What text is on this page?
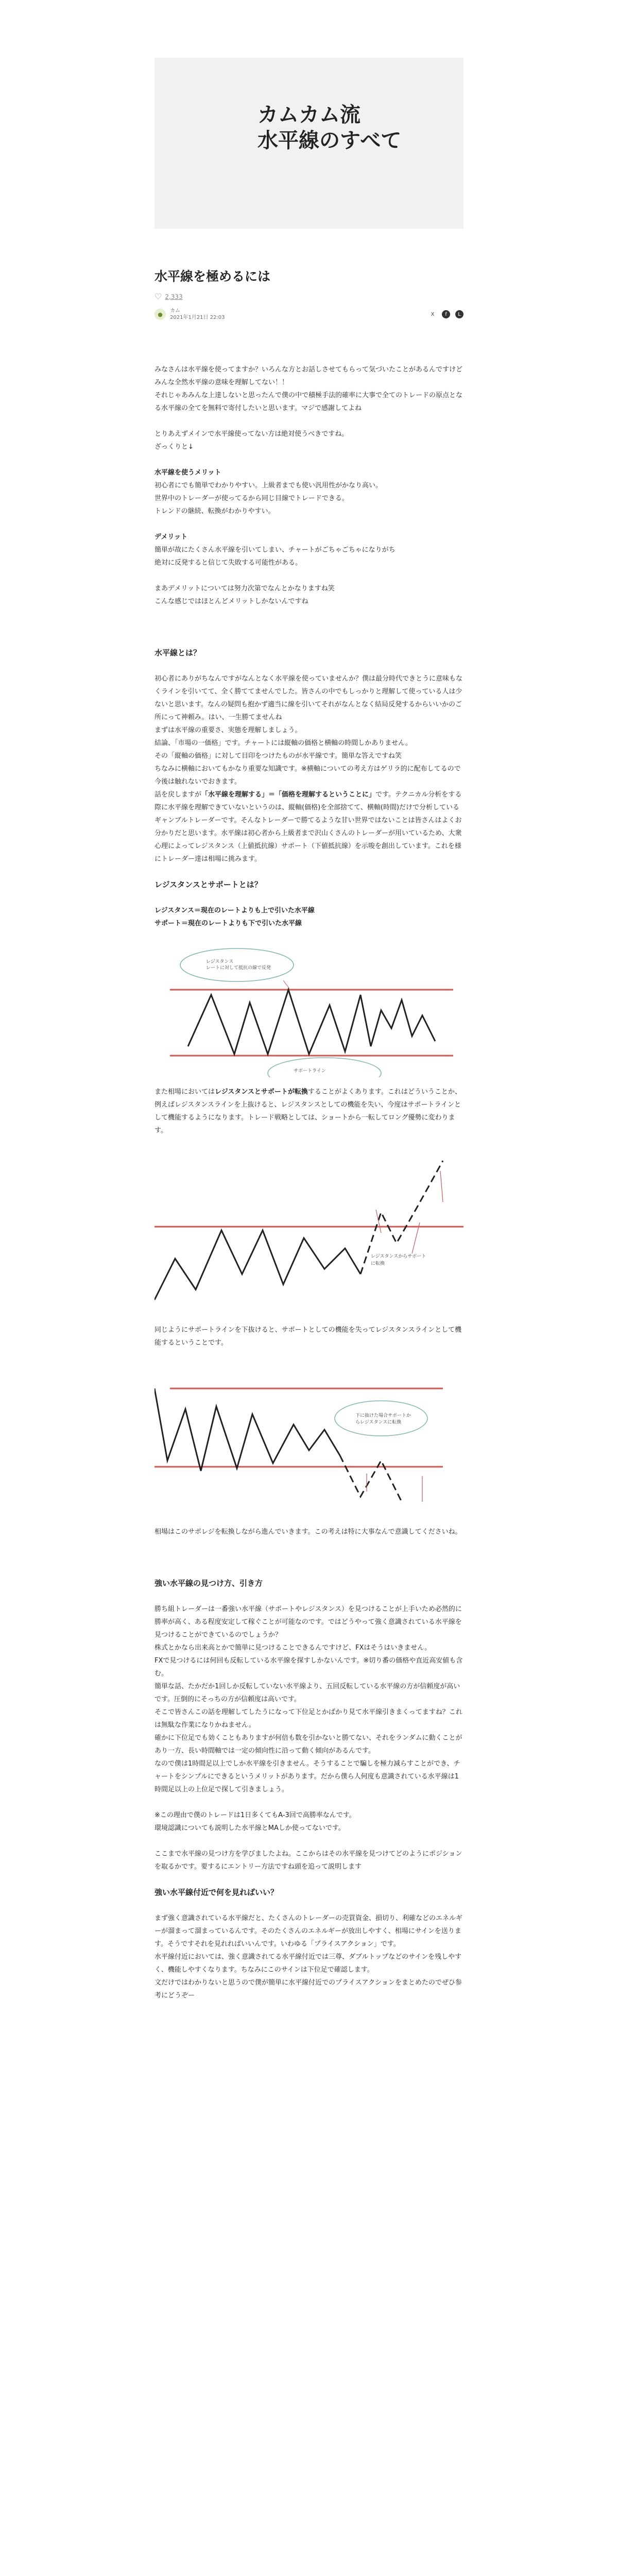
カムカム流
水平線のすべて
水平線を極めるには
♡ 2,333
●	カム
2021年1月21日 22:03
X	f	L

みなさんは水平線を使ってますか？いろんな方とお話しさせてもらって気づいたことがあるんですけどみんな全然水平線の意味を理解してない！！

それじゃあみんな上達しないと思ったんで僕の中で積極手法的確率に大事で全てのトレードの原点となる水平線の全てを無料で寄付したいと思います。マジで感謝してよね

とりあえずメインで水平線使ってない方は絶対使うべきですね。

ざっくりと↓

水平線を使うメリット

初心者にでも簡単でわかりやすい。上級者までも使い汎用性がかなり高い。

世界中のトレーダーが使ってるから同じ目線でトレードできる。

トレンドの継続、転換がわかりやすい。

デメリット

簡単が故にたくさん水平線を引いてしまい、チャートがごちゃごちゃになりがち

絶対に反発すると信じて失敗する可能性がある。

まあデメリットについては努力次第でなんとかなりますね笑

こんな感じではほとんどメリットしかないんですね

水平線とは？

初心者にありがちなんですがなんとなく水平線を使っていませんか？僕は最分時代できとうに意味もなくラインを引いてて、全く勝ててませんでした。皆さんの中でもしっかりと理解して使っている人は少ないと思います。なんの疑問も抱かず適当に線を引いてそれがなんとなく結局反発するからいいかのご所にって神頼み。はい、一生勝てませんね

まずは水平線の重要さ、実態を理解しましょう。

結論、「市場の一価格」です。チャートには縦軸の価格と横軸の時間しかありません。

その「縦軸の価格」に対して目印をつけたものが水平線です。簡単な答えですね笑

ちなみに横軸においてもかなり重要な知識です。※横軸についての考え方はゲリラ的に配布してるので今後は触れないでおきます。

話を戻しますが「水平線を理解する」＝「価格を理解するということに」です。テクニカル分析をする際に水平線を理解できていないというのは、縦軸(価格)を全部捨てて、横軸(時間)だけで分析しているギャンブルトレーダーです。そんなトレーダーで勝てるような甘い世界ではないことは皆さんはよくお分かりだと思います。水平線は初心者から上級者まで沢山くさんのトレーダーが用いているため、大衆心理によってレジスタンス（上値抵抗線）サポート（下値抵抗線）を示唆を創出しています。これを様にトレーダー達は相場に挑みます。

レジスタンスとサポートとは？

レジスタンス＝現在のレートよりも上で引いた水平線

サポート＝現在のレートよりも下で引いた水平線

レジスタンス
レートに対して抵抗の線で反発
サポートライン

また相場においてはレジスタンスとサポートが転換することがよくあります。これはどういうことか、例えばレジスタンスラインを上抜けると、レジスタンスとしての機能を失い、今度はサポートラインとして機能するようになります。トレード戦略としては、ショートから一転してロング優勢に変わります。

レジスタンスからサポート
に転換

同じようにサポートラインを下抜けると、サポートとしての機能を失ってレジスタンスラインとして機能するということです。

下に抜けた場合サポートか
らレジスタンスに転換

相場はこのサポレジを転換しながら進んでいきます。この考えは特に大事なんで意識してくださいね。

強い水平線の見つけ方、引き方

勝ち組トレーダーは一番強い水平線（サポートやレジスタンス）を見つけることが上手いため必然的に勝率が高く、ある程度安定して稼ぐことが可能なのです。ではどうやって強く意識されている水平線を見つけることができているのでしょうか？

株式とかなら出来高とかで簡単に見つけることできるんですけど、FXはそうはいきません。

FXで見つけるには何回も反転している水平線を探すしかないんです。※切り番の価格や直近高安値も含む。

簡単な話、たかだか1回しか反転していない水平線より、五回反転している水平線の方が信頼度が高いです。圧倒的にそっちの方が信頼度は高いです。

そこで皆さんこの話を理解してしたうになって下位足とかばかり見て水平線引きまくってますね？これは無駄な作業になりかねません。

確かに下位足でも効くこともありますが何倍も数を引かないと勝てない、それをランダムに動くことがあり一方、長い時間軸では一定の傾向性に沿って動く傾向があるんです。

なので僕は1時間足以上でしか水平線を引きません。そうすることで騙しを極力減らすことができ、チャートをシンプルにできるというメリットがあります。だから僕ら人何度も意識されている水平線は1時間足以上の上位足で探して引きましょう。

※この理由で僕のトレードは1日多くてもA-3回で高勝率なんです。

環境認識についても説明した水平線とMAしか使ってないです。

ここまで水平線の見つけ方を学びましたよね。ここからはその水平線を見つけてどのようにポジションを取るかです。要するにエントリー方法ですね頭を追って説明します

強い水平線付近で何を見ればいい？

まず強く意識されている水平線だと、たくさんのトレーダーの売買資金、損切り、利確などのエネルギーが溜まって溜まっているんです。そのたくさんのエネルギーが放出しやすく、相場にサインを送ります。そうですそれを見れればいいんです。いわゆる「プライスアクション」です。

水平線付近においては、強く意識されてる水平線付近では三尊、ダブルトップなどのサインを残しやすく、機能しやすくなります。ちなみにこのサインは下位足で確認します。

文だけではわかりないと思うので僕が簡単に水平線付近でのプライスアクションをまとめたのでぜひ参考にどうぞー
